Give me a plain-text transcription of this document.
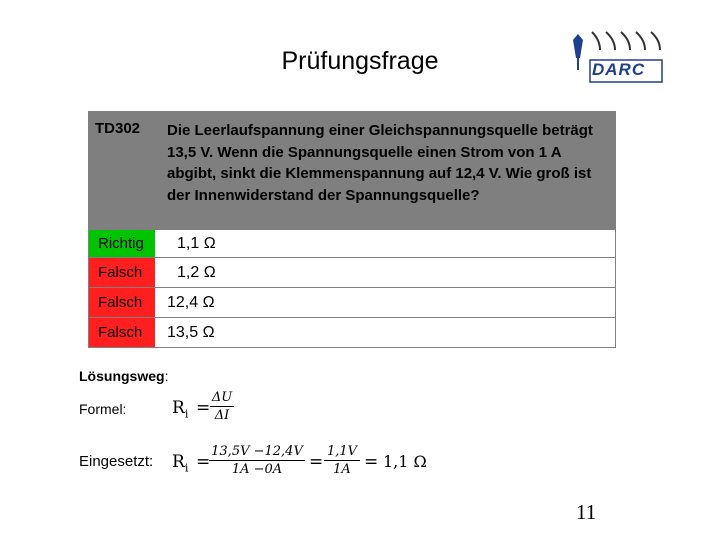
Prüfungsfrage	DARC
TD302 Die Leerlaufspannung einer Gleichspannungsquelle beträgt 13,5 V. Wenn die Spannungsquelle einen Strom von 1 A abgibt, sinkt die Klemmenspannung auf 12,4 V. Wie groß ist der Innenwiderstand der Spannungsquelle?
Richtig	1,1 Ω
Falsch	1,2 Ω
Falsch	12,4 Ω
Falsch	13,5 Ω
Lösungsweg:
Formel:	$R_i$ =
ΔU
ΔI
Eingesetzt: $R_i$ =
13,5V −12,4V
1A −0A	=
1,1V
1A = 1,1 Ω
11
